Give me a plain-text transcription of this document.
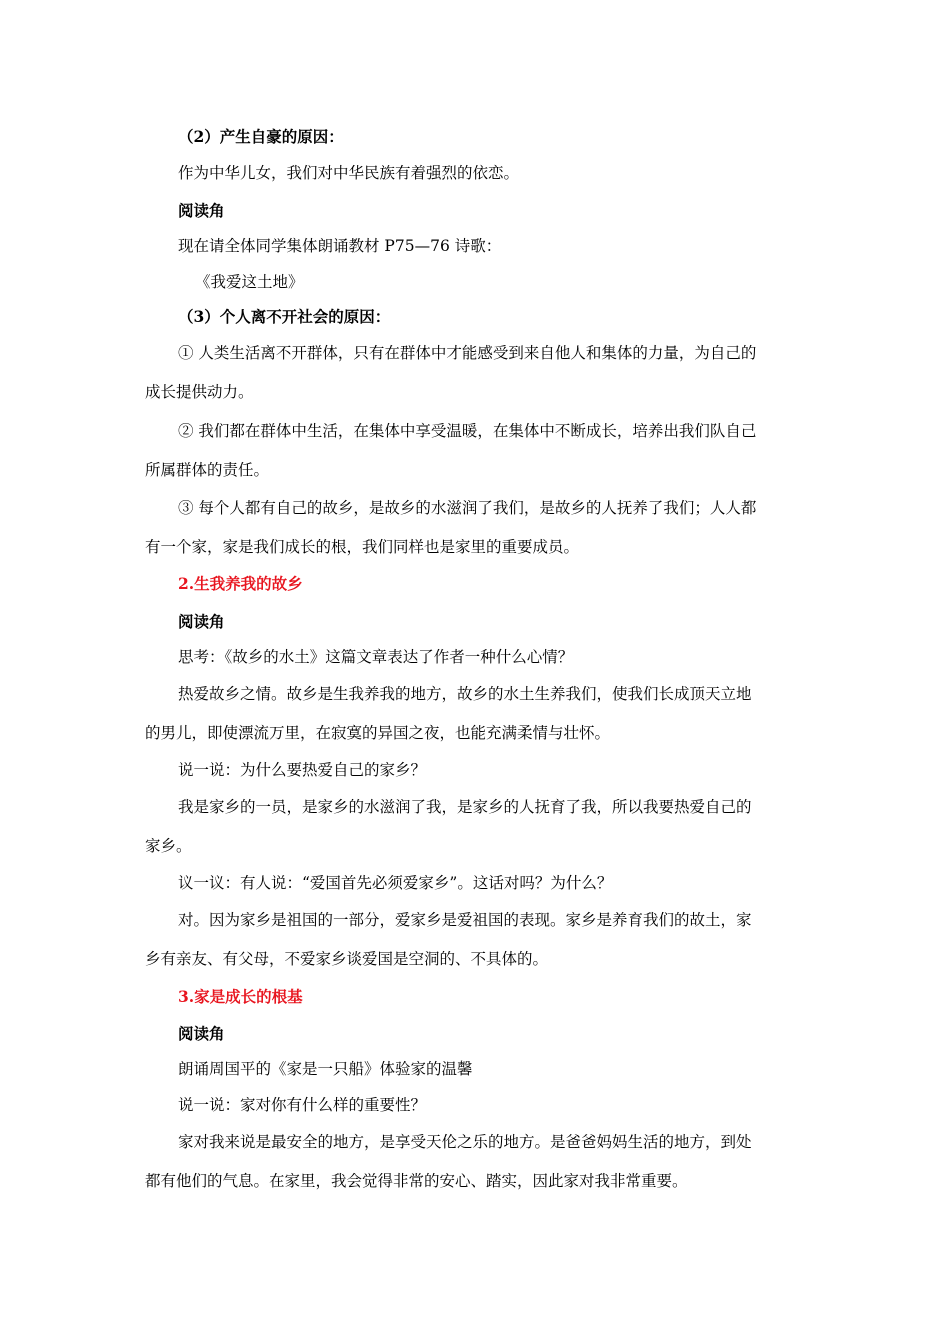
（2）产生自豪的原因：
作为中华儿女，我们对中华民族有着强烈的依恋。
阅读角
现在请全体同学集体朗诵教材 P75—76 诗歌：
《我爱这土地》
（3）个人离不开社会的原因：
① 人类生活离不开群体，只有在群体中才能感受到来自他人和集体的力量，为自己的
成长提供动力。
② 我们都在群体中生活，在集体中享受温暖，在集体中不断成长，培养出我们队自己
所属群体的责任。
③ 每个人都有自己的故乡，是故乡的水滋润了我们，是故乡的人抚养了我们；人人都
有一个家，家是我们成长的根，我们同样也是家里的重要成员。
2.生我养我的故乡
阅读角
思考：《故乡的水土》这篇文章表达了作者一种什么心情？
热爱故乡之情。故乡是生我养我的地方，故乡的水土生养我们，使我们长成顶天立地
的男儿，即使漂流万里，在寂寞的异国之夜，也能充满柔情与壮怀。
说一说：为什么要热爱自己的家乡？
我是家乡的一员，是家乡的水滋润了我，是家乡的人抚育了我，所以我要热爱自己的
家乡。
议一议：有人说：“爱国首先必须爱家乡”。这话对吗？为什么？
对。因为家乡是祖国的一部分，爱家乡是爱祖国的表现。家乡是养育我们的故土，家
乡有亲友、有父母，不爱家乡谈爱国是空洞的、不具体的。
3.家是成长的根基
阅读角
朗诵周国平的《家是一只船》体验家的温馨
说一说：家对你有什么样的重要性？
家对我来说是最安全的地方，是享受天伦之乐的地方。是爸爸妈妈生活的地方，到处
都有他们的气息。在家里，我会觉得非常的安心、踏实，因此家对我非常重要。
